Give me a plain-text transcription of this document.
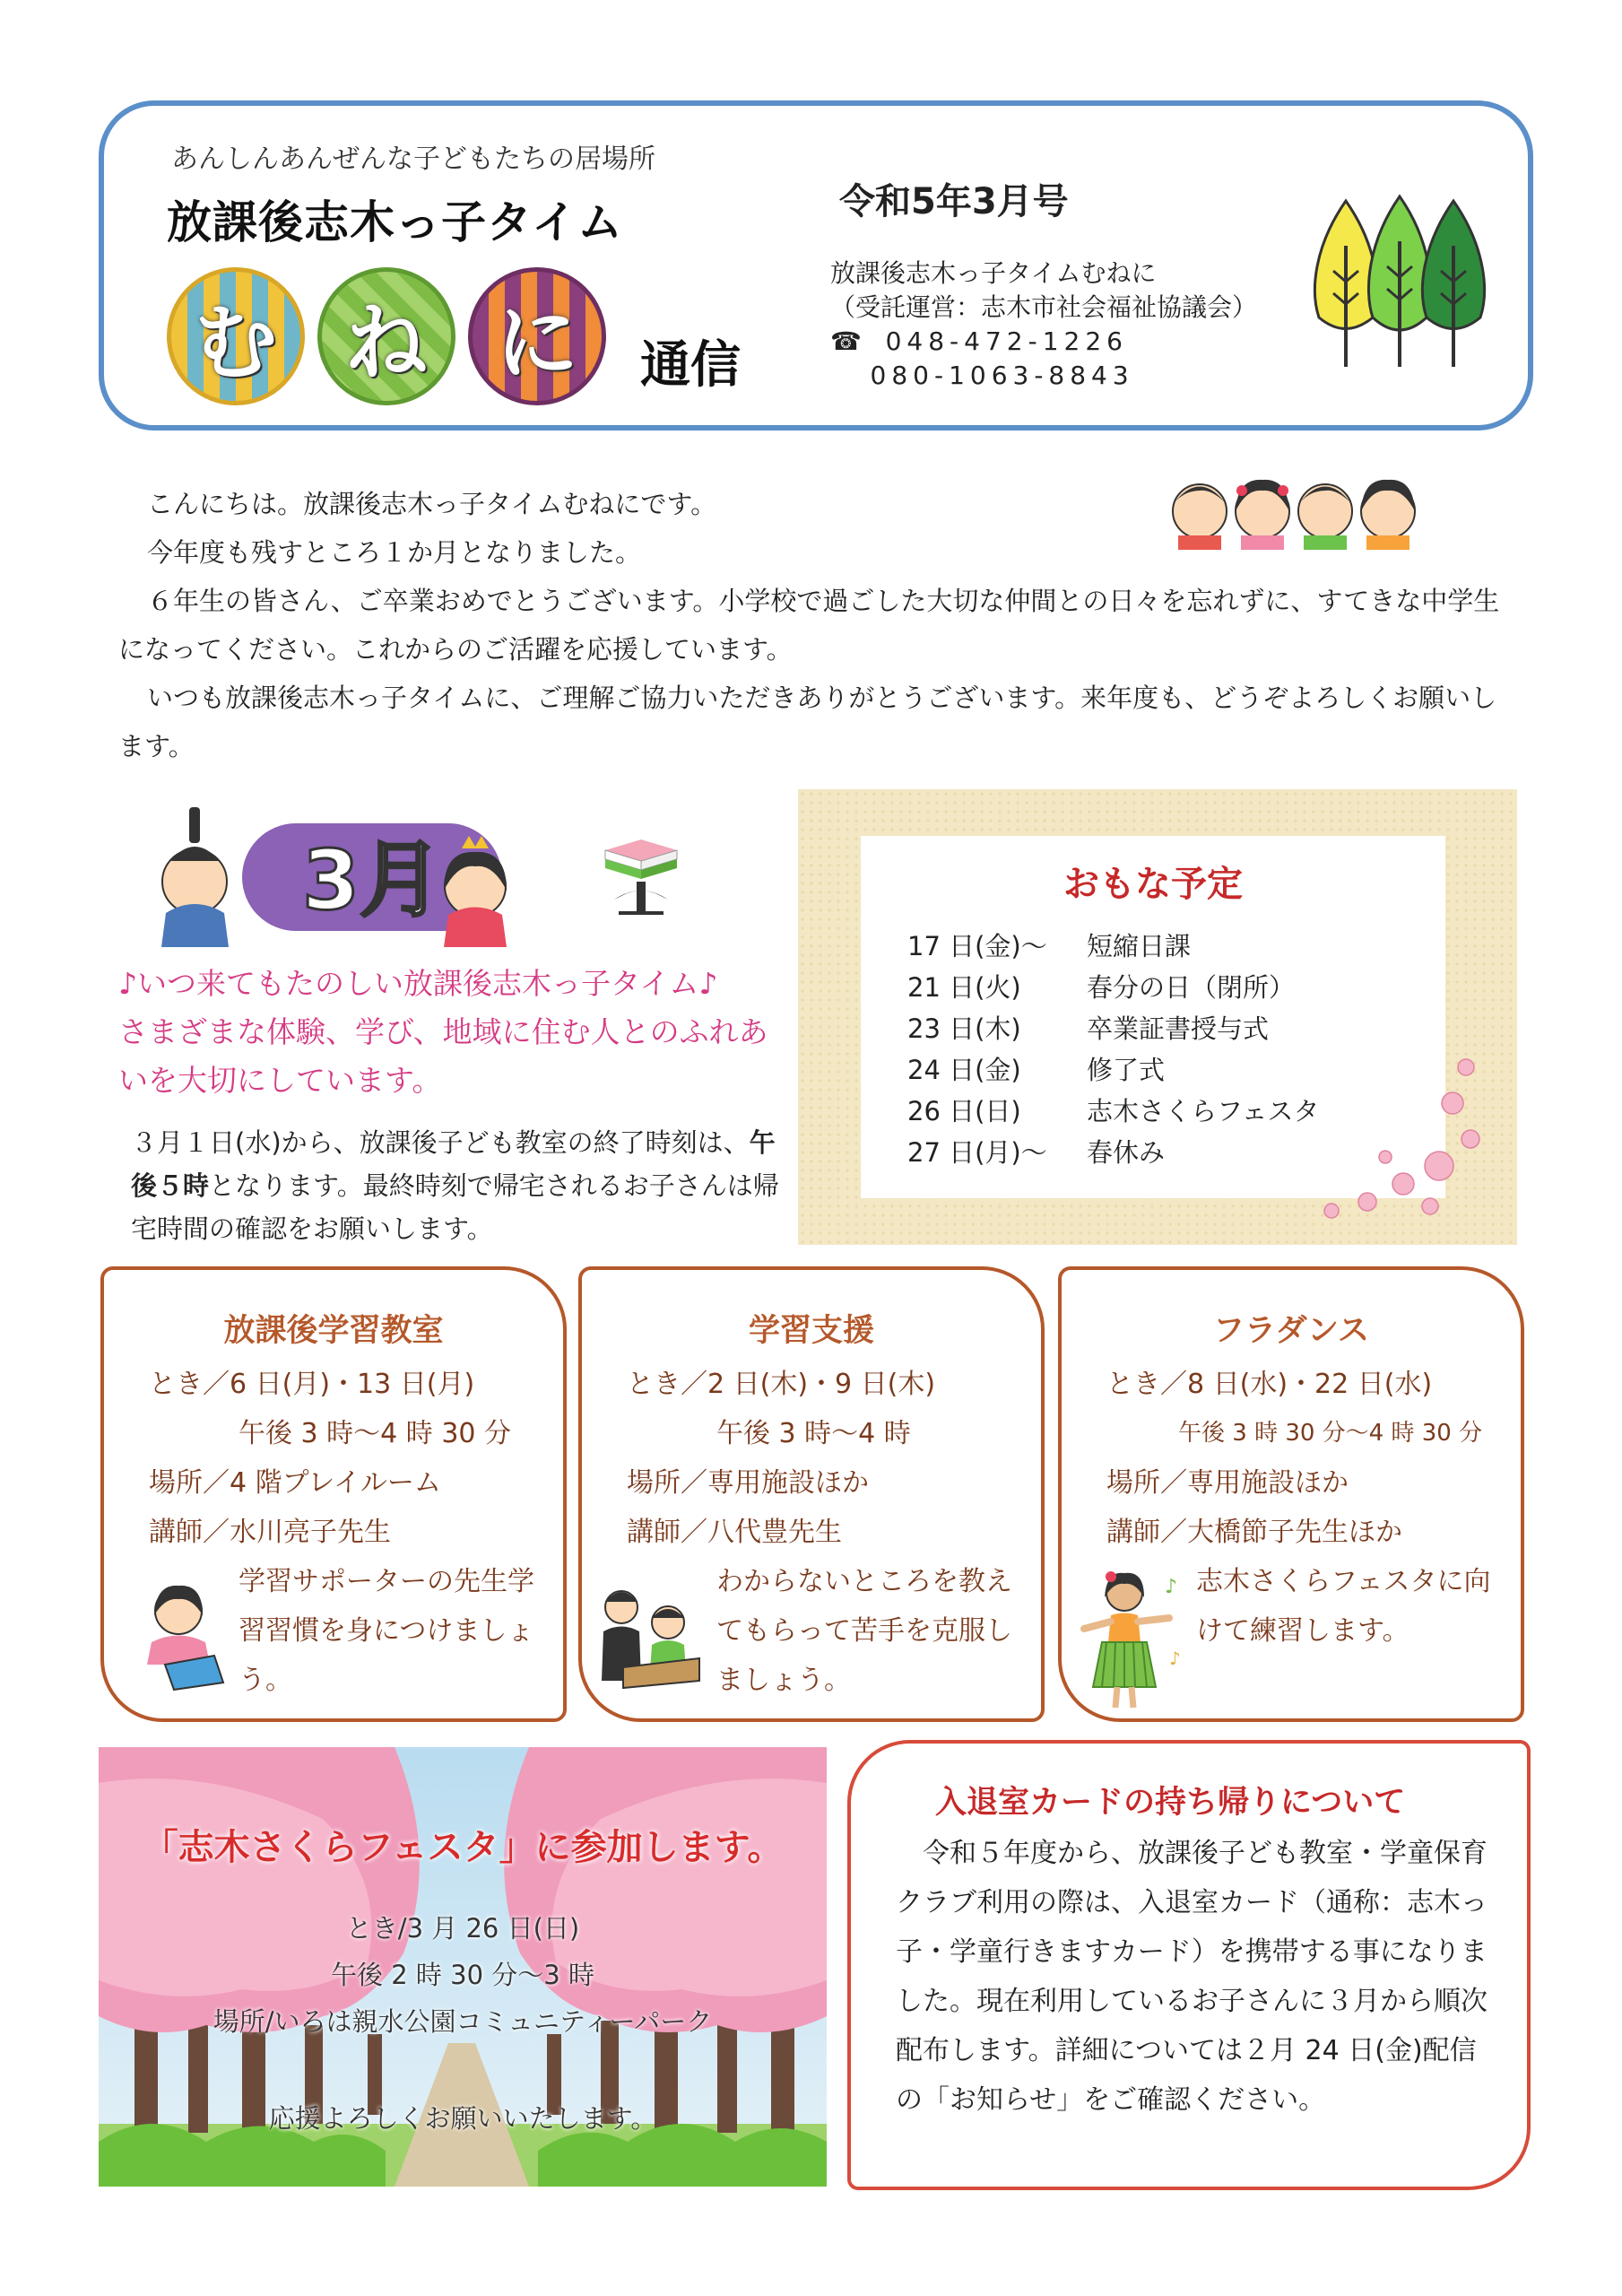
あんしんあんぜんな子どもたちの居場所
放課後志木っ子タイム
む ね に	通信
令和5年3月号
放課後志木っ子タイムむねに
（受託運営：志木市社会福祉協議会）
☎ 048-472-1226
080-1063-8843

こんにちは。放課後志木っ子タイムむねにです。

今年度も残すところ１か月となりました。

６年生の皆さん、ご卒業おめでとうございます。小学校で過ごした大切な仲間との日々を忘れずに、すてきな中学生になってください。これからのご活躍を応援しています。

いつも放課後志木っ子タイムに、ご理解ご協力いただきありがとうございます。来年度も、どうぞよろしくお願いします。

3月
♪いつ来てもたのしい放課後志木っ子タイム♪
さまざまな体験、学び、地域に住む人とのふれあいを大切にしています。
３月１日(水)から、放課後子ども教室の終了時刻は、午後５時となります。最終時刻で帰宅されるお子さんは帰宅時間の確認をお願いします。
おもな予定
17 日(金)～	短縮日課
21 日(火)	春分の日（閉所）
23 日(木)	卒業証書授与式
24 日(金)	修了式
26 日(日)	志木さくらフェスタ
27 日(月)～	春休み
放課後学習教室
とき／6 日(月)・13 日(月)
午後 3 時～4 時 30 分
場所／4 階プレイルーム
講師／水川亮子先生
学習サポーターの先生学習習慣を身につけましょう。
学習支援
とき／2 日(木)・9 日(木)
午後 3 時～4 時
場所／専用施設ほか
講師／八代豊先生
わからないところを教えてもらって苦手を克服しましょう。
フラダンス
とき／8 日(水)・22 日(水)
午後 3 時 30 分～4 時 30 分
場所／専用施設ほか
講師／大橋節子先生ほか
♪
♪
志木さくらフェスタに向けて練習します。
「志木さくらフェスタ」に参加します。
とき/3 月 26 日(日)
午後 2 時 30 分～3 時
場所/いろは親水公園コミュニティーパーク
応援よろしくお願いいたします。
入退室カードの持ち帰りについて
　令和５年度から、放課後子ども教室・学童保育クラブ利用の際は、入退室カード（通称：志木っ子・学童行きますカード）を携帯する事になりました。現在利用しているお子さんに３月から順次配布します。詳細については２月 24 日(金)配信の「お知らせ」をご確認ください。
